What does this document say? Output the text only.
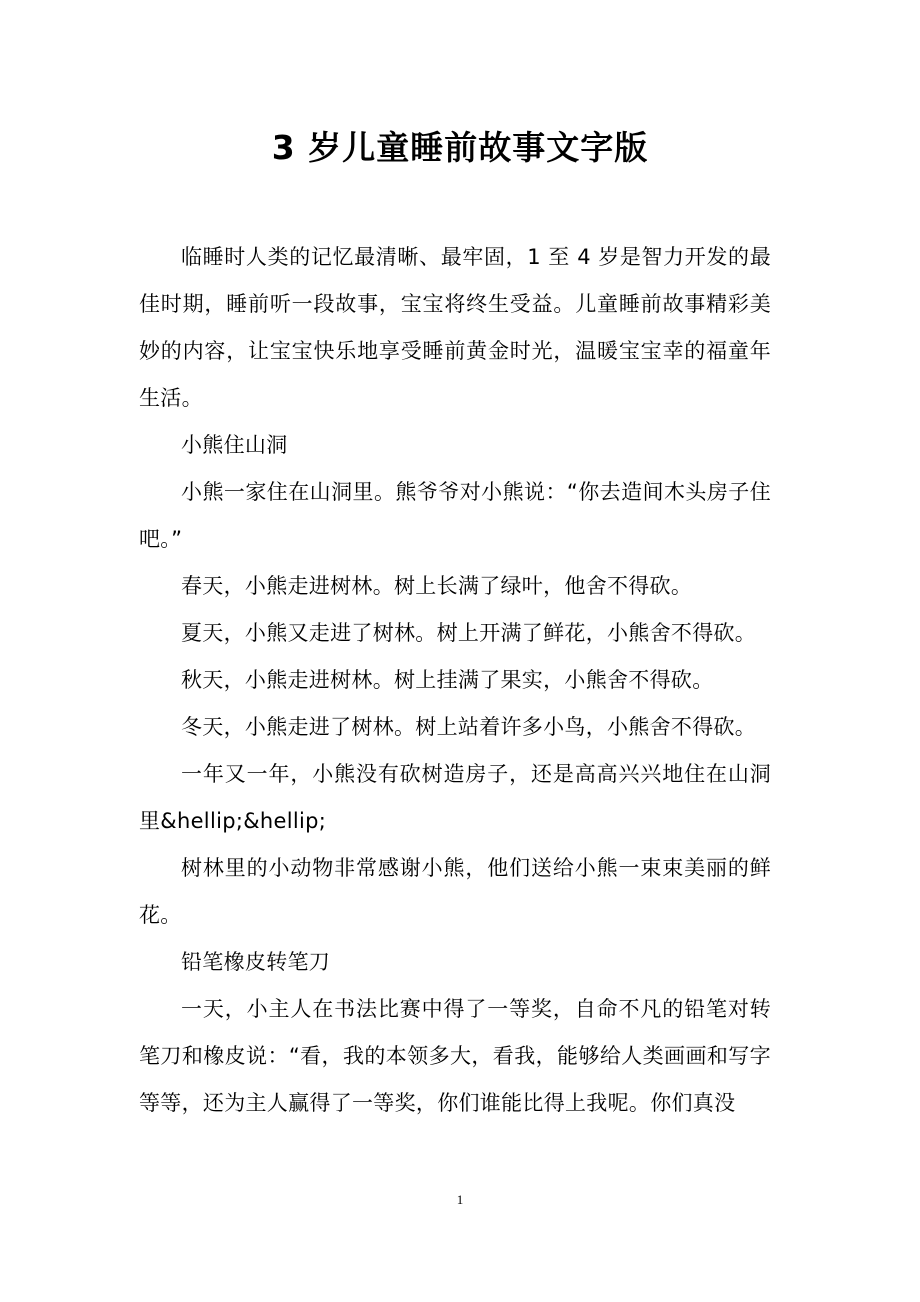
3 岁儿童睡前故事文字版

临睡时人类的记忆最清晰、最牢固，1 至 4 岁是智力开发的最佳时期，睡前听一段故事，宝宝将终生受益。儿童睡前故事精彩美妙的内容，让宝宝快乐地享受睡前黄金时光，温暖宝宝幸的福童年生活。

小熊住山洞

小熊一家住在山洞里。熊爷爷对小熊说：“你去造间木头房子住吧。”

春天，小熊走进树林。树上长满了绿叶，他舍不得砍。

夏天，小熊又走进了树林。树上开满了鲜花，小熊舍不得砍。

秋天，小熊走进树林。树上挂满了果实，小熊舍不得砍。

冬天，小熊走进了树林。树上站着许多小鸟，小熊舍不得砍。

一年又一年，小熊没有砍树造房子，还是高高兴兴地住在山洞里&hellip;&hellip;

树林里的小动物非常感谢小熊，他们送给小熊一束束美丽的鲜花。

铅笔橡皮转笔刀

一天，小主人在书法比赛中得了一等奖，自命不凡的铅笔对转笔刀和橡皮说：“看，我的本领多大，看我，能够给人类画画和写字等等，还为主人赢得了一等奖，你们谁能比得上我呢。你们真没

1
